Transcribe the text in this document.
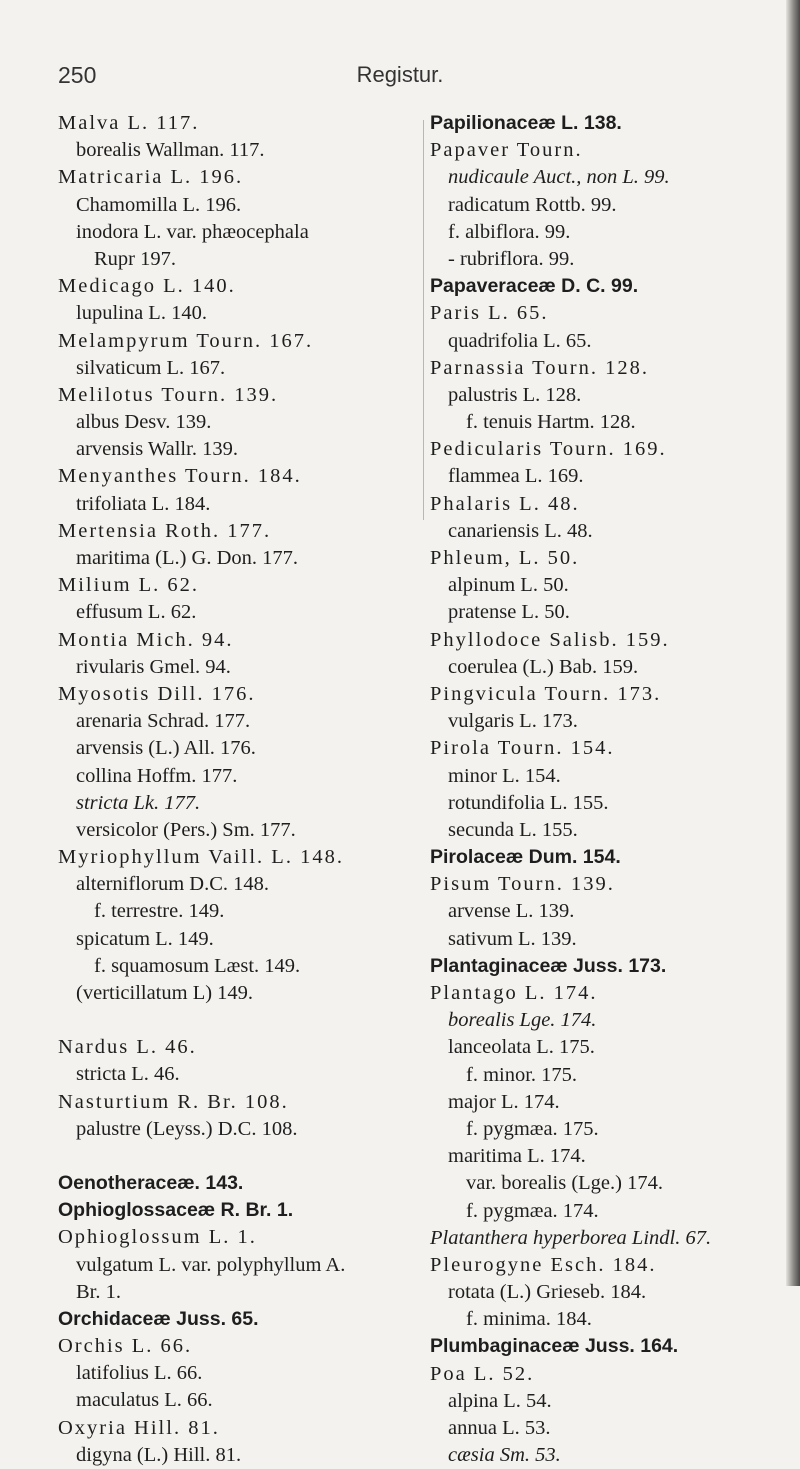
250	Registur.
Malva L. 117.
borealis Wallman. 117.
Matricaria L. 196.
Chamomilla L. 196.
inodora L. var. phæocephala
Rupr 197.
Medicago L. 140.
lupulina L. 140.
Melampyrum Tourn. 167.
silvaticum L. 167.
Melilotus Tourn. 139.
albus Desv. 139.
arvensis Wallr. 139.
Menyanthes Tourn. 184.
trifoliata L. 184.
Mertensia Roth. 177.
maritima (L.) G. Don. 177.
Milium L. 62.
effusum L. 62.
Montia Mich. 94.
rivularis Gmel. 94.
Myosotis Dill. 176.
arenaria Schrad. 177.
arvensis (L.) All. 176.
collina Hoffm. 177.
stricta Lk. 177.
versicolor (Pers.) Sm. 177.
Myriophyllum Vaill. L. 148.
alterniflorum D.C. 148.
f. terrestre. 149.
spicatum L. 149.
f. squamosum Læst. 149.
(verticillatum L) 149.
Nardus L. 46.
stricta L. 46.
Nasturtium R. Br. 108.
palustre (Leyss.) D.C. 108.
Oenotheraceæ. 143.
Ophioglossaceæ R. Br. 1.
Ophioglossum L. 1.
vulgatum L. var. polyphyllum A.
Br. 1.
Orchidaceæ Juss. 65.
Orchis L. 66.
latifolius L. 66.
maculatus L. 66.
Oxyria Hill. 81.
digyna (L.) Hill. 81.
Papilionaceæ L. 138.
Papaver Tourn.
nudicaule Auct., non L. 99.
radicatum Rottb. 99.
f. albiflora. 99.
- rubriflora. 99.
Papaveraceæ D. C. 99.
Paris L. 65.
quadrifolia L. 65.
Parnassia Tourn. 128.
palustris L. 128.
f. tenuis Hartm. 128.
Pedicularis Tourn. 169.
flammea L. 169.
Phalaris L. 48.
canariensis L. 48.
Phleum, L. 50.
alpinum L. 50.
pratense L. 50.
Phyllodoce Salisb. 159.
coerulea (L.) Bab. 159.
Pingvicula Tourn. 173.
vulgaris L. 173.
Pirola Tourn. 154.
minor L. 154.
rotundifolia L. 155.
secunda L. 155.
Pirolaceæ Dum. 154.
Pisum Tourn. 139.
arvense L. 139.
sativum L. 139.
Plantaginaceæ Juss. 173.
Plantago L. 174.
borealis Lge. 174.
lanceolata L. 175.
f. minor. 175.
major L. 174.
f. pygmæa. 175.
maritima L. 174.
var. borealis (Lge.) 174.
f. pygmæa. 174.
Platanthera hyperborea Lindl. 67.
Pleurogyne Esch. 184.
rotata (L.) Grieseb. 184.
f. minima. 184.
Plumbaginaceæ Juss. 164.
Poa L. 52.
alpina L. 54.
annua L. 53.
cæsia Sm. 53.
